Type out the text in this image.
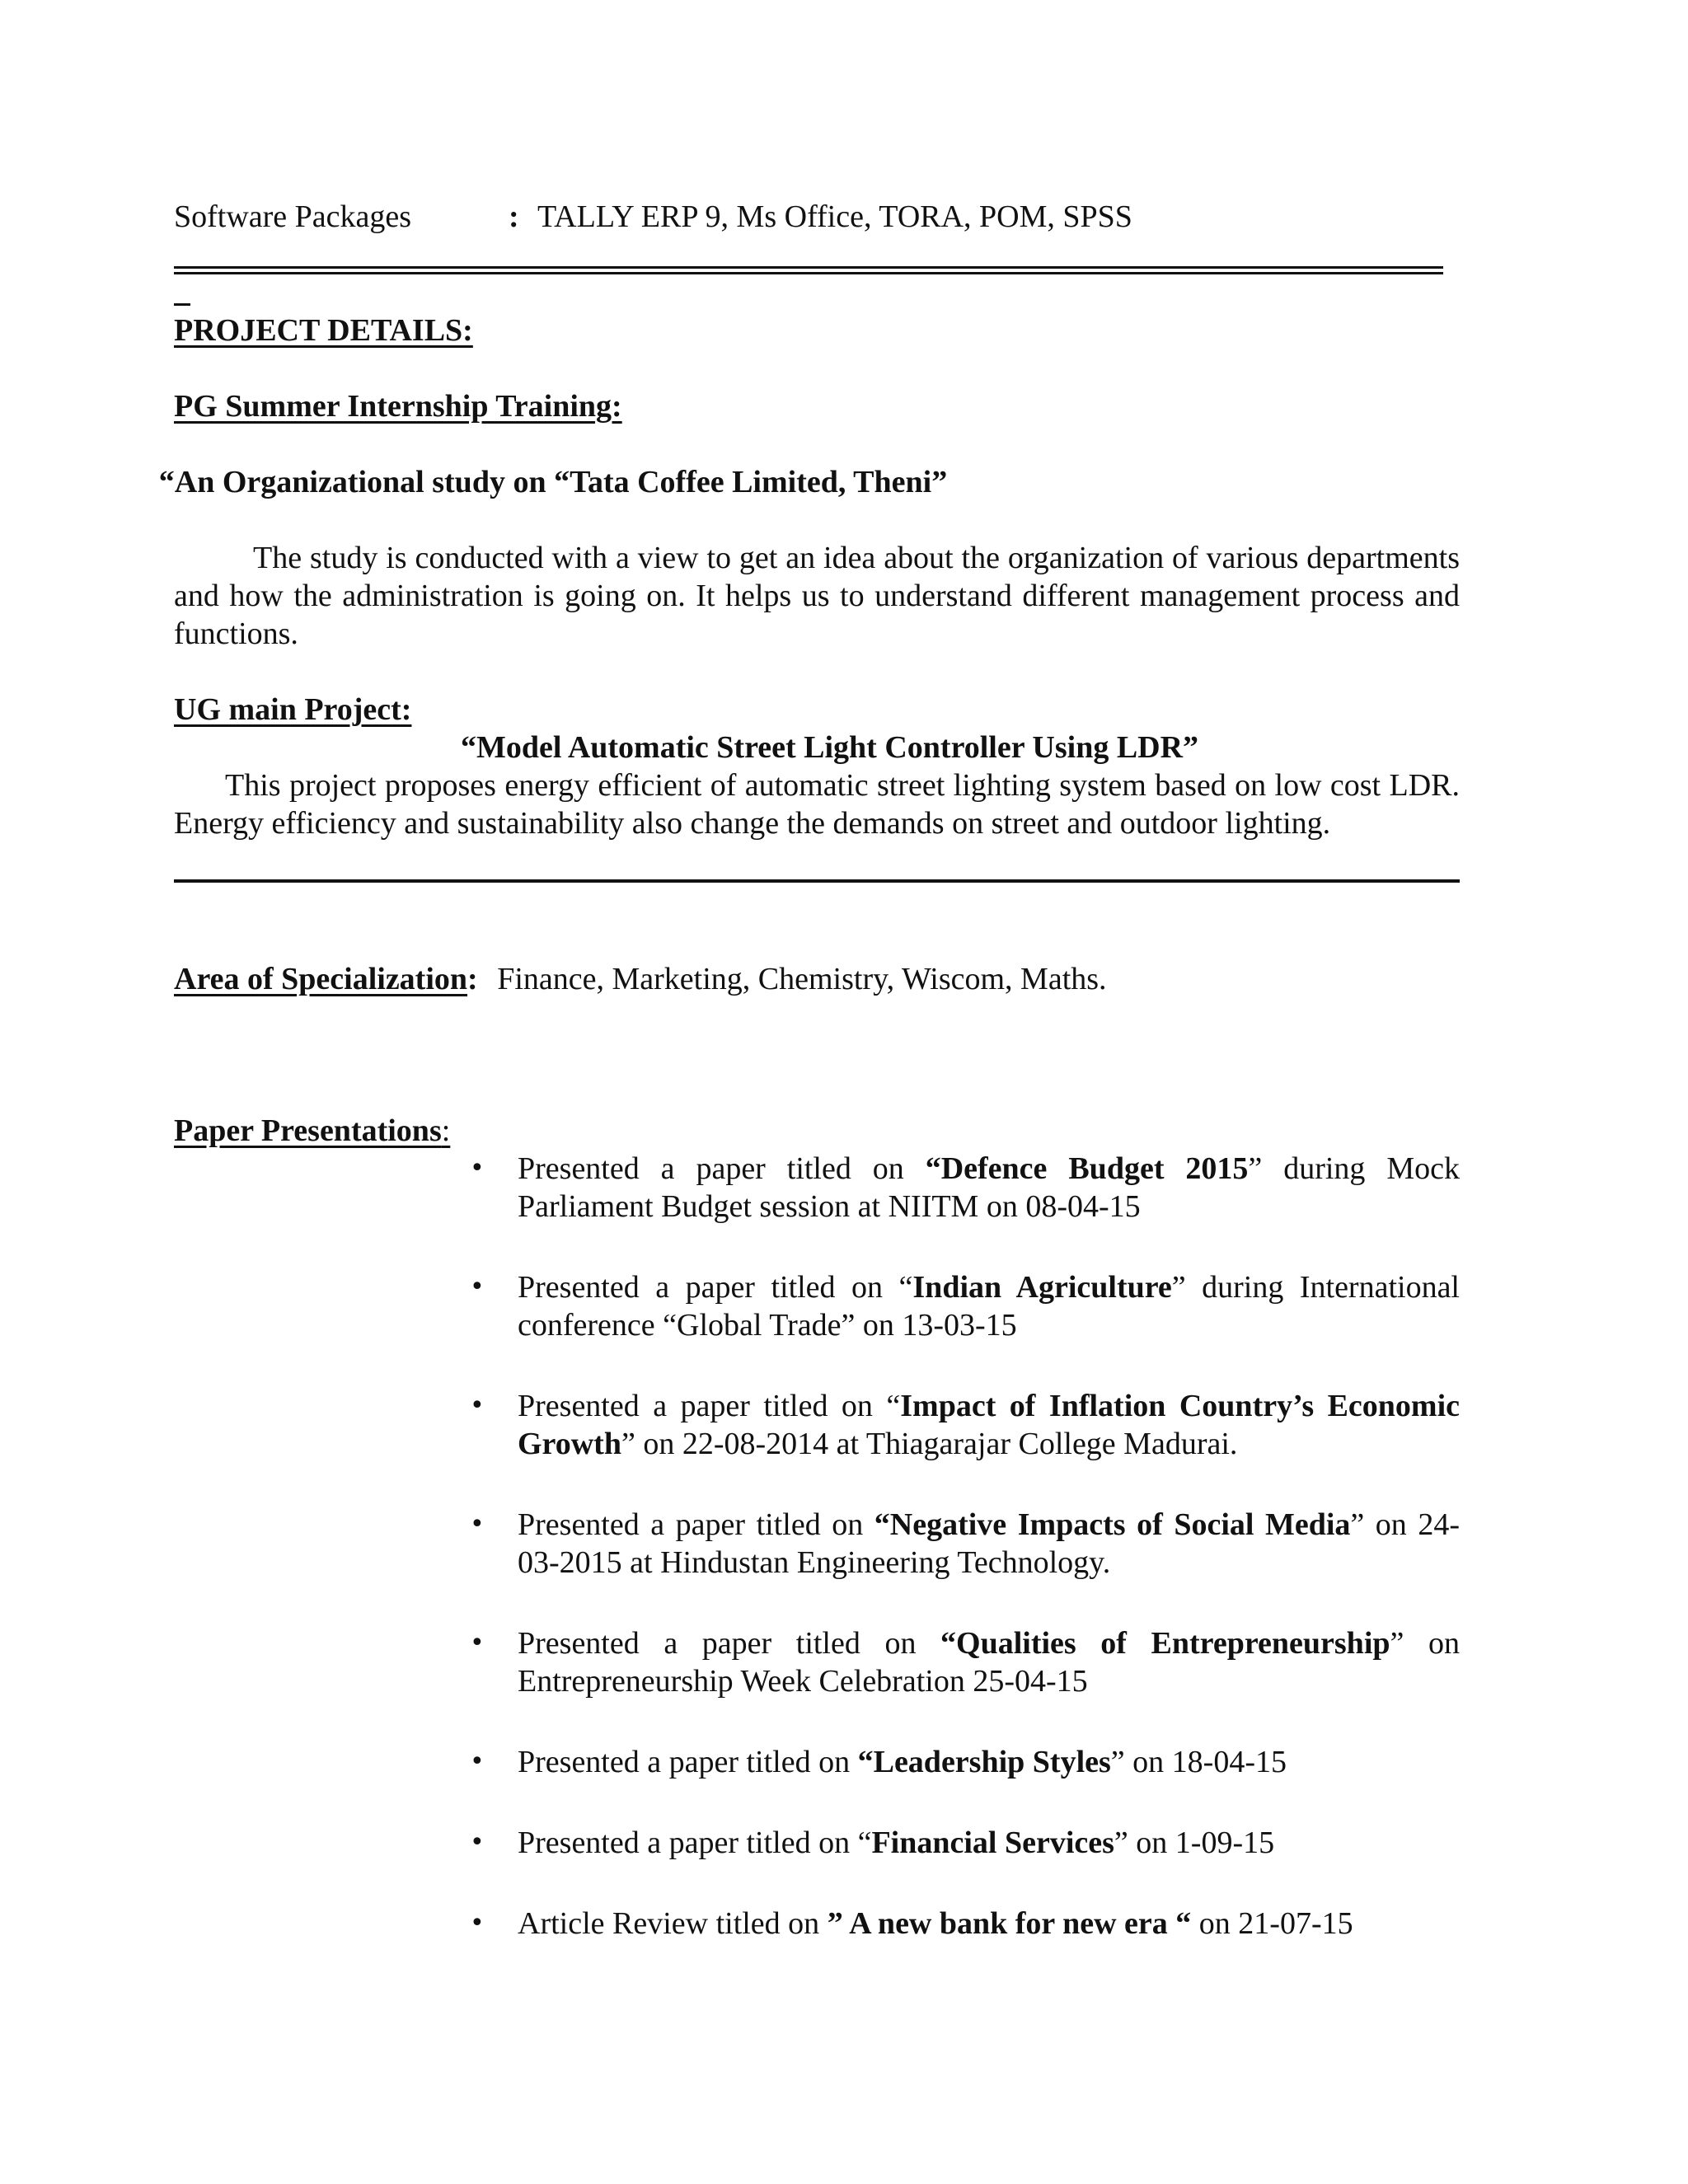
Software Packages	: TALLY ERP 9, Ms Office, TORA, POM, SPSS
PROJECT DETAILS:
PG Summer Internship Training:
“An Organizational study on “Tata Coffee Limited, Theni”
The study is conducted with a view to get an idea about the organization of various departments and how the administration is going on. It helps us to understand different management process and functions.
UG main Project:
“Model Automatic Street Light Controller Using LDR”
This project proposes energy efficient of automatic street lighting system based on low cost LDR. Energy efficiency and sustainability also change the demands on street and outdoor lighting.
Area of Specialization: Finance, Marketing, Chemistry, Wiscom, Maths.
Paper Presentations:
•	Presented a paper titled on “Defence Budget 2015” during Mock Parliament Budget session at NIITM on 08-04-15
•	Presented a paper titled on “Indian Agriculture” during International conference “Global Trade” on 13-03-15
•	Presented a paper titled on “Impact of Inflation Country’s Economic Growth” on 22-08-2014 at Thiagarajar College Madurai.
•	Presented a paper titled on “Negative Impacts of Social Media” on 24-03-2015 at Hindustan Engineering Technology.
•	Presented a paper titled on “Qualities of Entrepreneurship” on Entrepreneurship Week Celebration 25-04-15
•	Presented a paper titled on “Leadership Styles” on 18-04-15
•	Presented a paper titled on “Financial Services” on 1-09-15
•	Article Review titled on ” A new bank for new era “ on 21-07-15
